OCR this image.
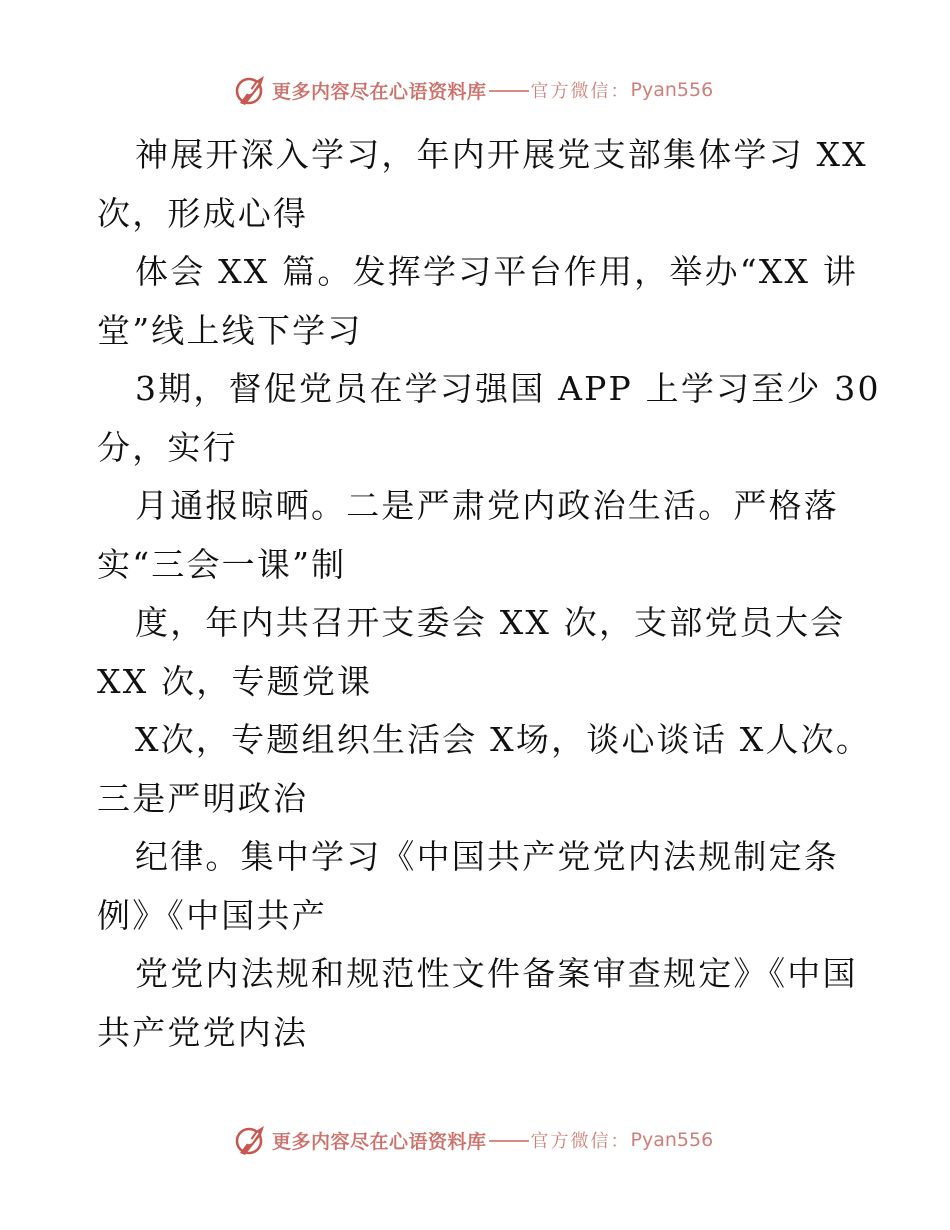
更多内容尽在心语资料库 官方微信： Pyan556
神展开深入学习，年内开展党支部集体学习 XX
次，形成心得
体会 XX 篇。发挥学习平台作用，举办“XX 讲
堂”线上线下学习
3期，督促党员在学习强国 APP 上学习至少 30
分，实行
月通报晾晒。二是严肃党内政治生活。严格落
实“三会一课”制
度，年内共召开支委会 XX 次，支部党员大会
XX 次，专题党课
X次，专题组织生活会 X场，谈心谈话 X人次。
三是严明政治
纪律。集中学习《中国共产党党内法规制定条
例》《中国共产
党党内法规和规范性文件备案审查规定》《中国
共产党党内法
更多内容尽在心语资料库 官方微信： Pyan556
